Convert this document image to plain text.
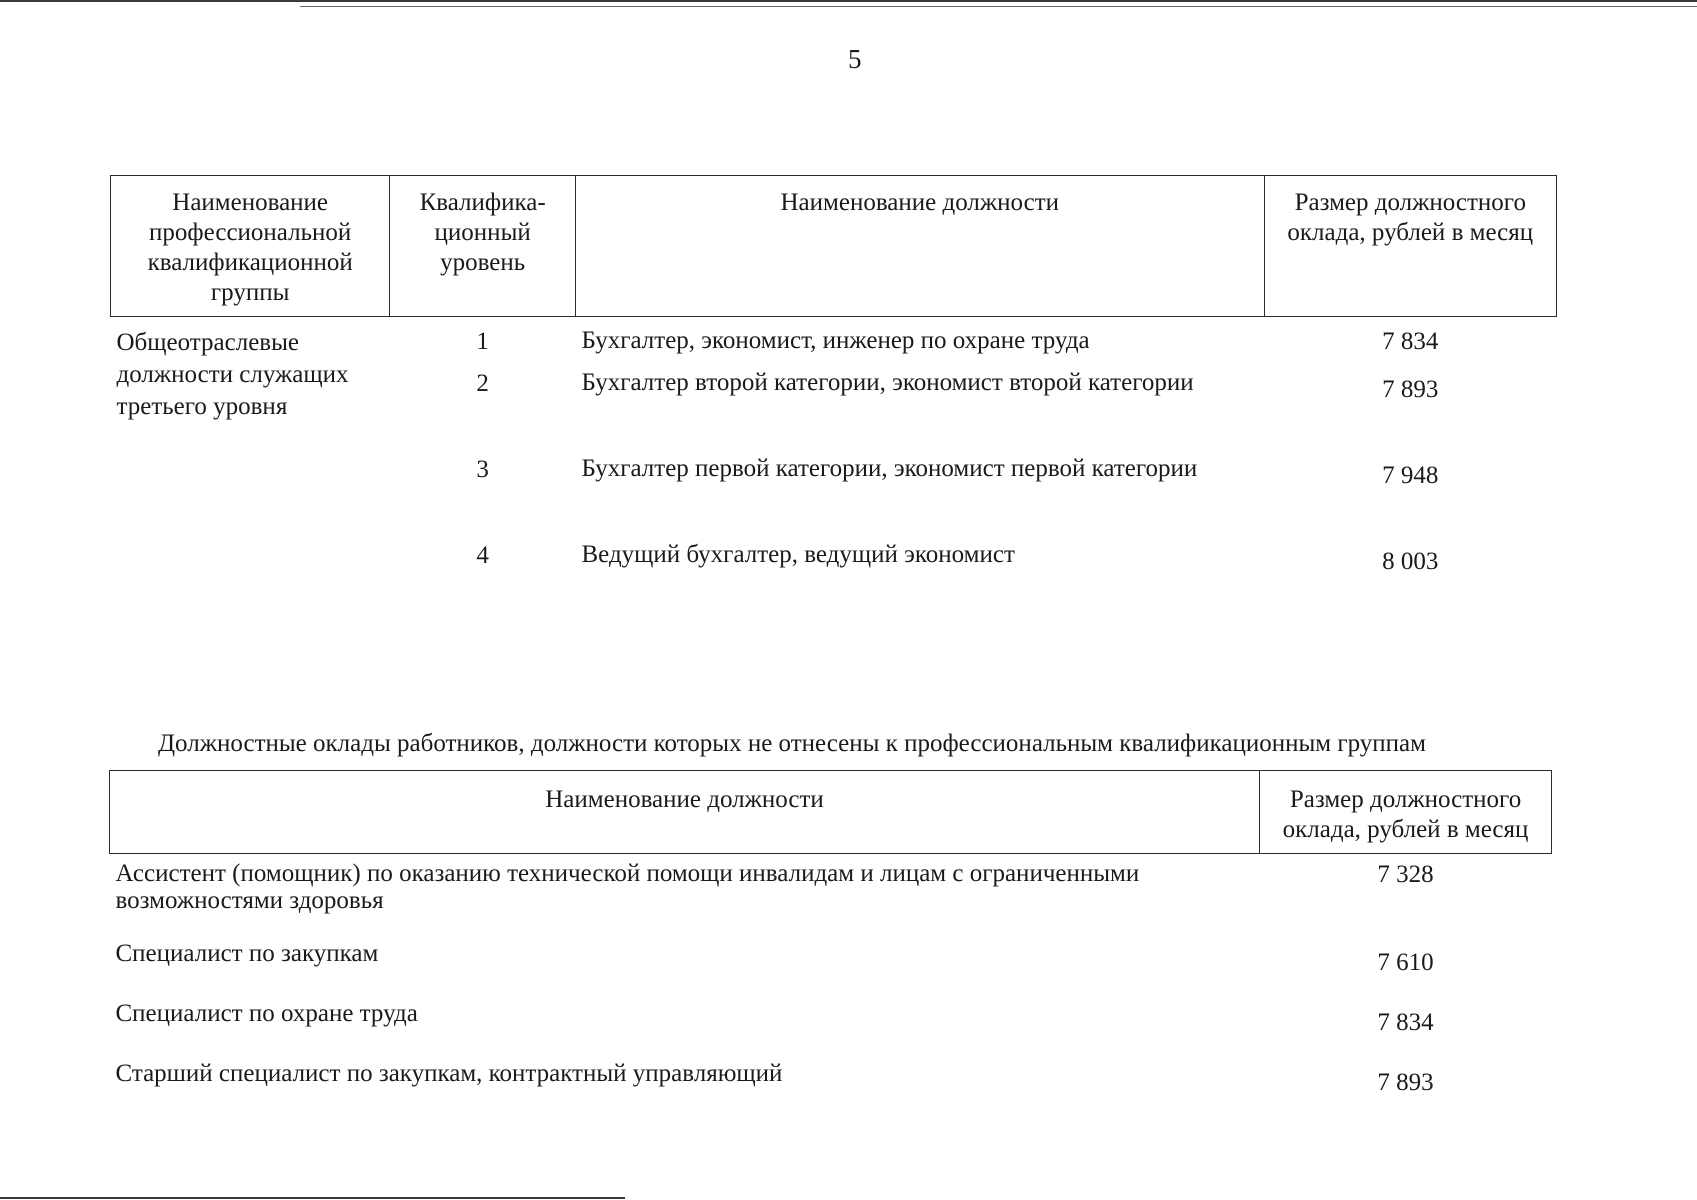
5
Наименование профессиональной квалификационной группы	Квалифика-ционный уровень	Наименование должности	Размер должностного оклада, рублей в месяц
Общеотраслевые должности служащих третьего уровня	1	Бухгалтер, экономист, инженер по охране труда	7 834
	2	Бухгалтер второй категории, экономист второй категории	7 893
	3	Бухгалтер первой категории, экономист первой категории	7 948
	4	Ведущий бухгалтер, ведущий экономист	8 003
Должностные оклады работников, должности которых не отнесены к профессиональным квалификационным группам
Наименование должности	Размер должностного оклада, рублей в месяц
Ассистент (помощник) по оказанию технической помощи инвалидам и лицам с ограниченными возможностями здоровья	7 328
Специалист по закупкам	7 610
Специалист по охране труда	7 834
Старший специалист по закупкам, контрактный управляющий	7 893
